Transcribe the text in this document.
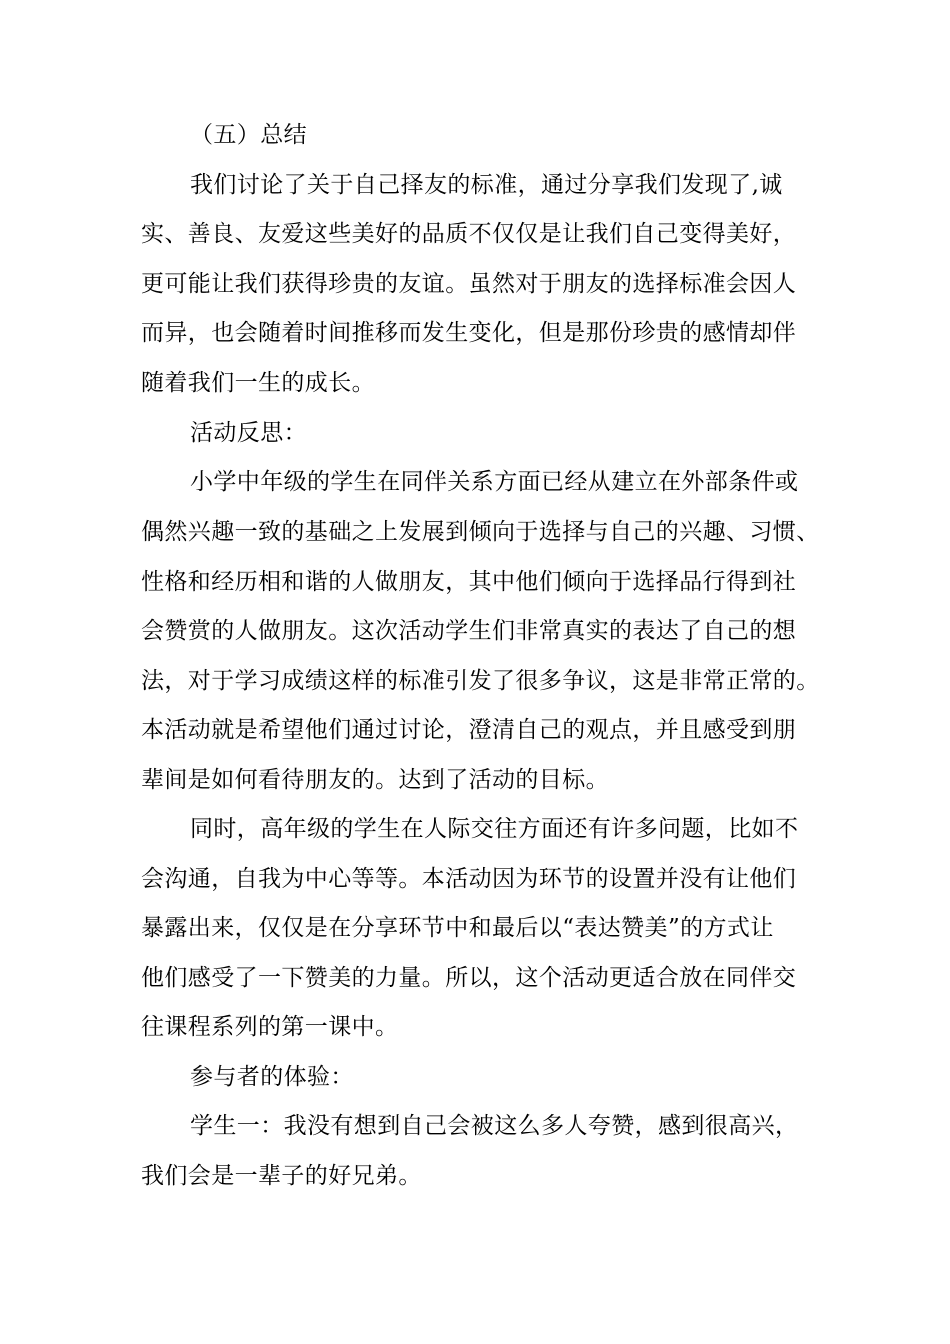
（五）总结
我们讨论了关于自己择友的标准，通过分享我们发现了,诚
实、善良、友爱这些美好的品质不仅仅是让我们自己变得美好，
更可能让我们获得珍贵的友谊。虽然对于朋友的选择标准会因人
而异，也会随着时间推移而发生变化，但是那份珍贵的感情却伴
随着我们一生的成长。
活动反思：
小学中年级的学生在同伴关系方面已经从建立在外部条件或
偶然兴趣一致的基础之上发展到倾向于选择与自己的兴趣、习惯、
性格和经历相和谐的人做朋友，其中他们倾向于选择品行得到社
会赞赏的人做朋友。这次活动学生们非常真实的表达了自己的想
法，对于学习成绩这样的标准引发了很多争议，这是非常正常的。
本活动就是希望他们通过讨论，澄清自己的观点，并且感受到朋
辈间是如何看待朋友的。达到了活动的目标。
同时，高年级的学生在人际交往方面还有许多问题，比如不
会沟通，自我为中心等等。本活动因为环节的设置并没有让他们
暴露出来，仅仅是在分享环节中和最后以“表达赞美”的方式让
他们感受了一下赞美的力量。所以，这个活动更适合放在同伴交
往课程系列的第一课中。
参与者的体验：
学生一：我没有想到自己会被这么多人夸赞，感到很高兴，
我们会是一辈子的好兄弟。
